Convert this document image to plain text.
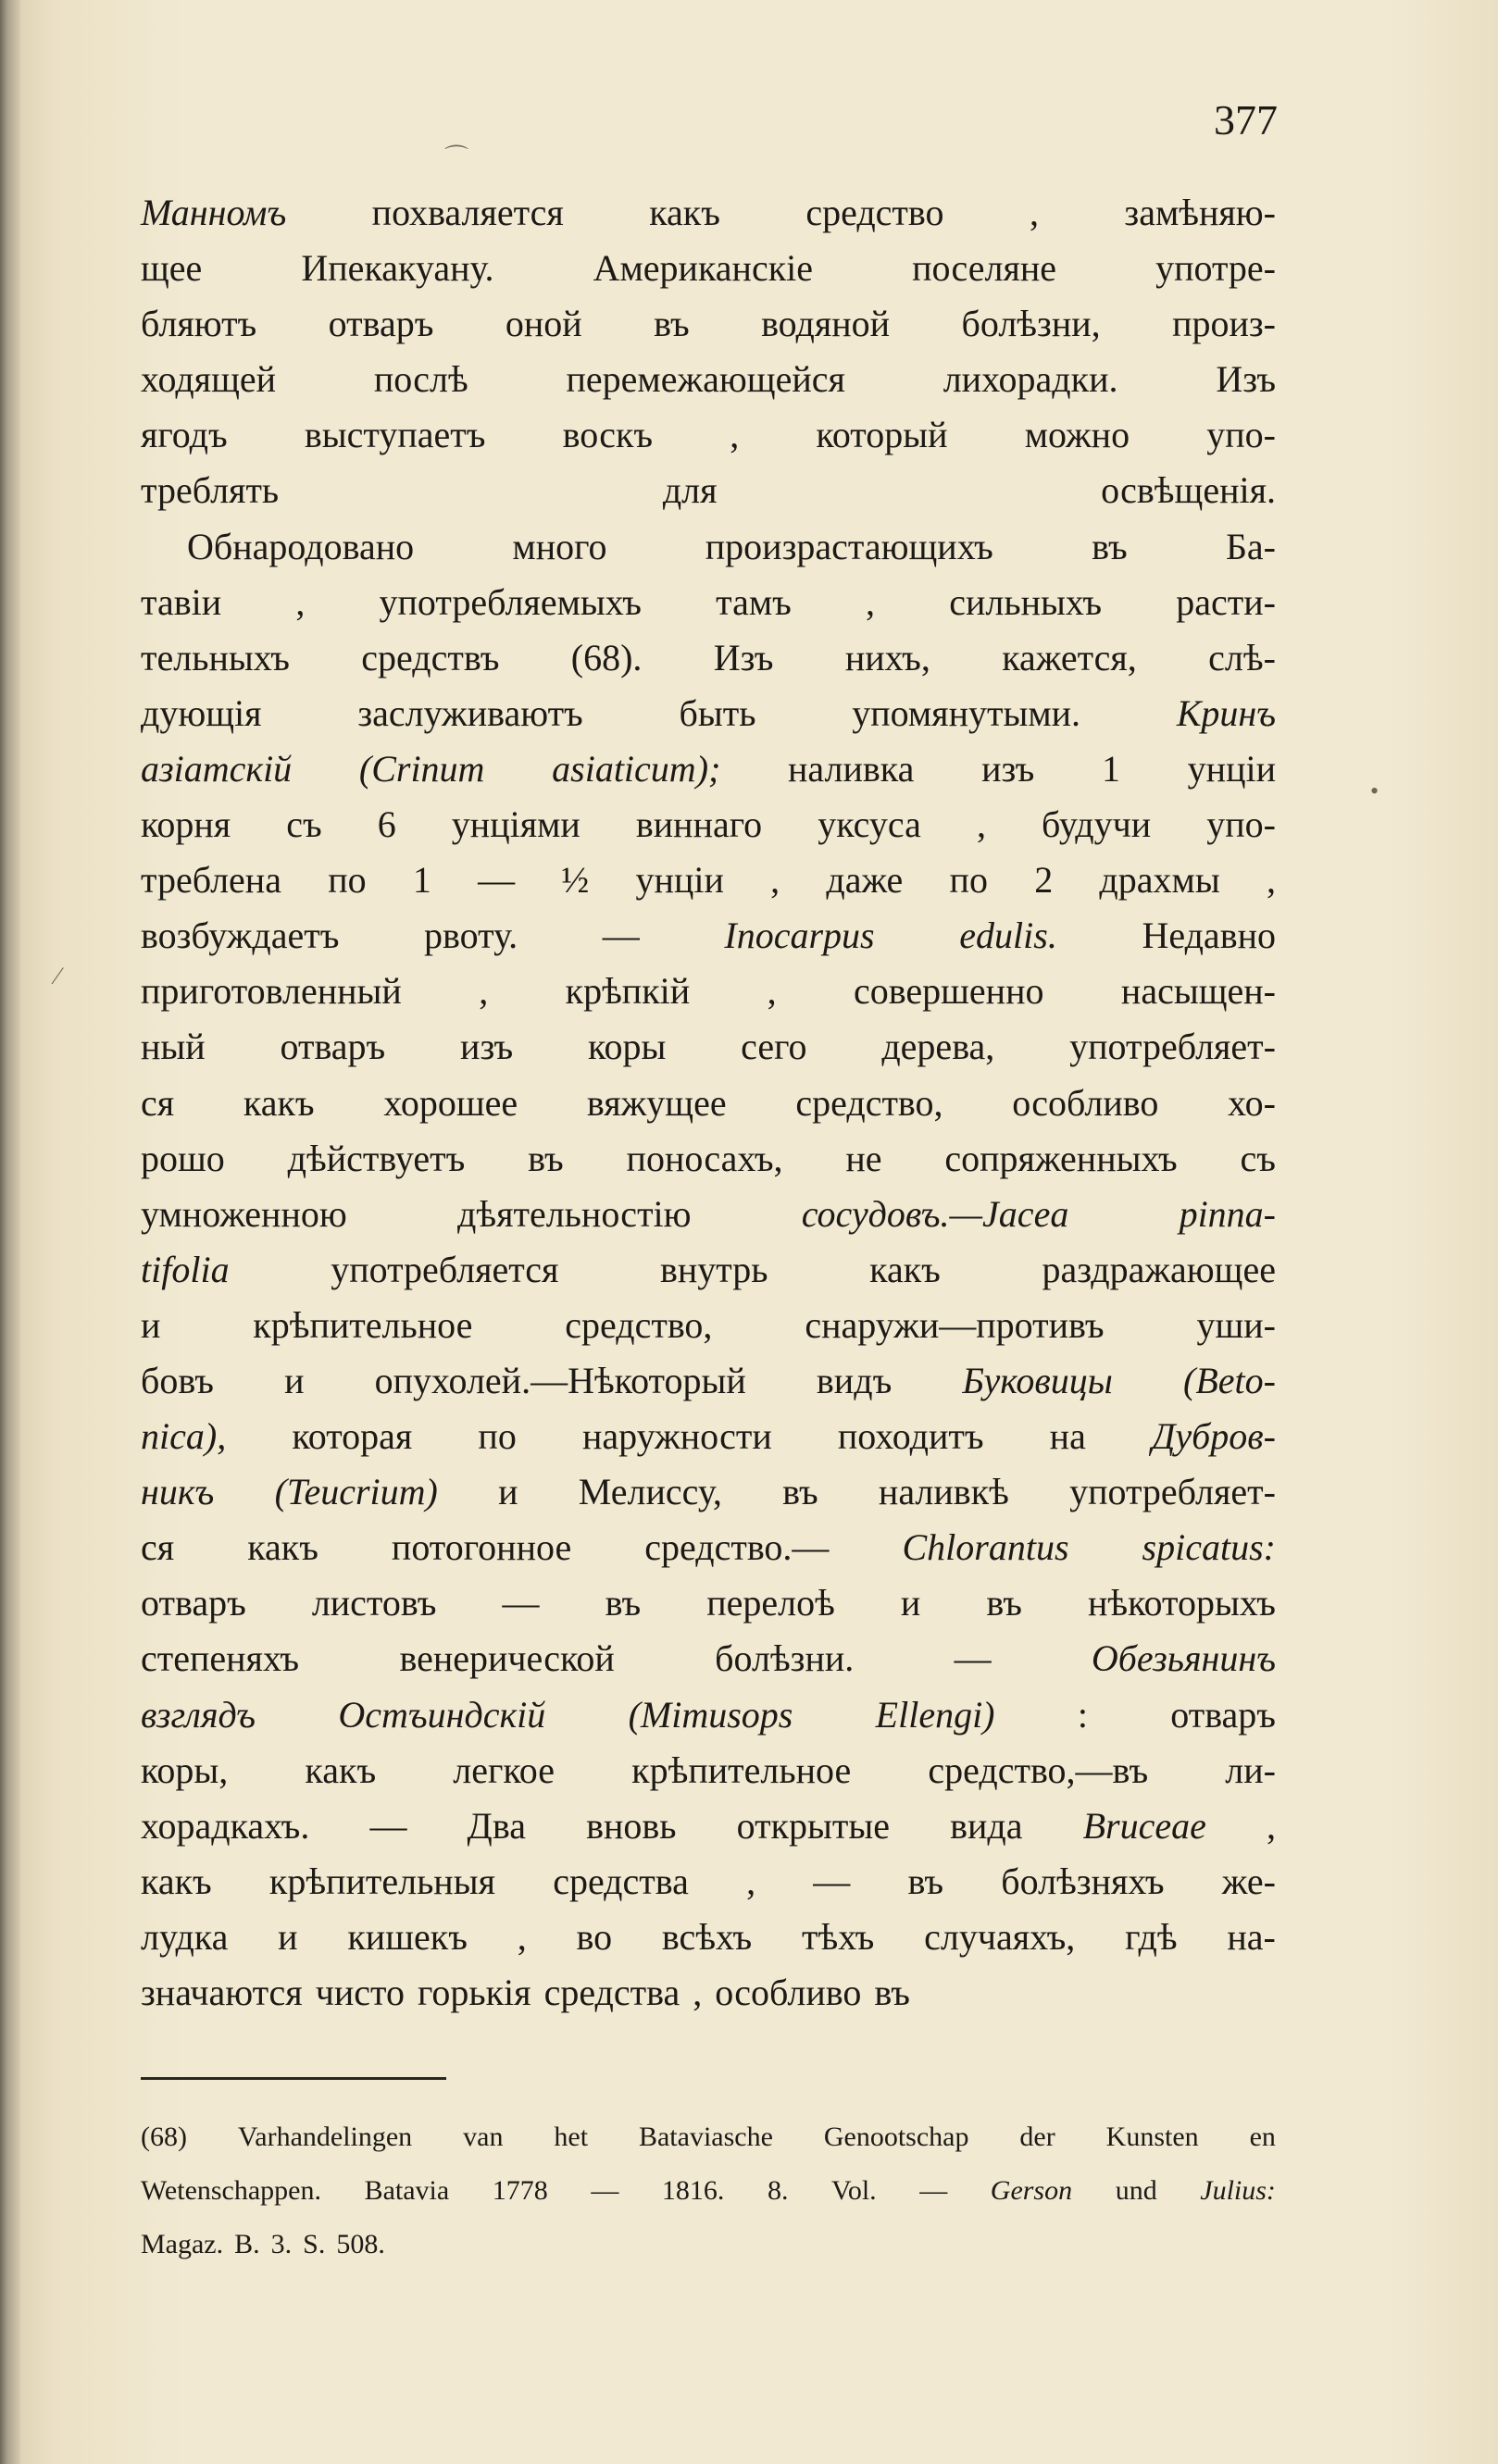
377
Манномъ похваляется какъ средство , замѣняю-
щее	Ипекакуану.	Американскіе	поселяне	употре-
бляютъ отваръ оной въ водяной болѣзни, произ-
ходящей	послѣ	перемежающейся	лихорадки.	Изъ
ягодъ выступаетъ воскъ , который можно упо-
треблять	для	освѣщенія.
Обнародовано	много	произрастающихъ	въ	Ба-
тавіи , употребляемыхъ тамъ , сильныхъ расти-
тельныхъ средствъ (68). Изъ нихъ, кажется, слѣ-
дующія	заслуживаютъ	быть	упомянутыми.	Кринъ
азіатскій (Crinum asiaticum); наливка изъ 1 унціи
корня съ 6 унціями виннаго уксуса , будучи упо-
треблена по 1 — ½ унціи , даже по 2 драхмы ,
возбуждаетъ рвоту. — Inocarpus edulis. Недавно
приготовленный , крѣпкій , совершенно насыщен-
ный отваръ изъ коры сего дерева, употребляет-
ся какъ хорошее вяжущее средство, особливо хо-
рошо дѣйствуетъ въ поносахъ, не сопряженныхъ съ
умноженною	дѣятельностію	сосудовъ.—Jacea	pinna-
tifolia	употребляется	внутрь	какъ	раздражающее
и крѣпительное средство, снаружи—противъ уши-
бовъ и опухолей.—Нѣкоторый видъ Буковицы (Beto-
nica), которая по наружности походитъ на Дубров-
никъ (Teucrium) и Мелиссу, въ наливкѣ употребляет-
ся какъ потогонное средство.— Chlorantus spicatus:
отваръ листовъ — въ перелоѣ и въ нѣкоторыхъ
степеняхъ	венерической	болѣзни.	—	Обезьянинъ
взглядъ Остъиндскій (Mimusops Ellengi) : отваръ
коры, какъ легкое крѣпительное средство,—въ ли-
хорадкахъ. — Два вновь открытые вида Bruceae ,
какъ крѣпительныя средства , — въ болѣзняхъ же-
лудка и кишекъ , во всѣхъ тѣхъ случаяхъ, гдѣ на-
значаются чисто горькія средства , особливо въ
(68) Varhandelingen van het Bataviasche Genootschap der Kunsten en
Wetenschappen. Batavia 1778 — 1816. 8. Vol. — Gerson und Julius:
Magaz. B. 3. S. 508.
⌒
•
⁄
